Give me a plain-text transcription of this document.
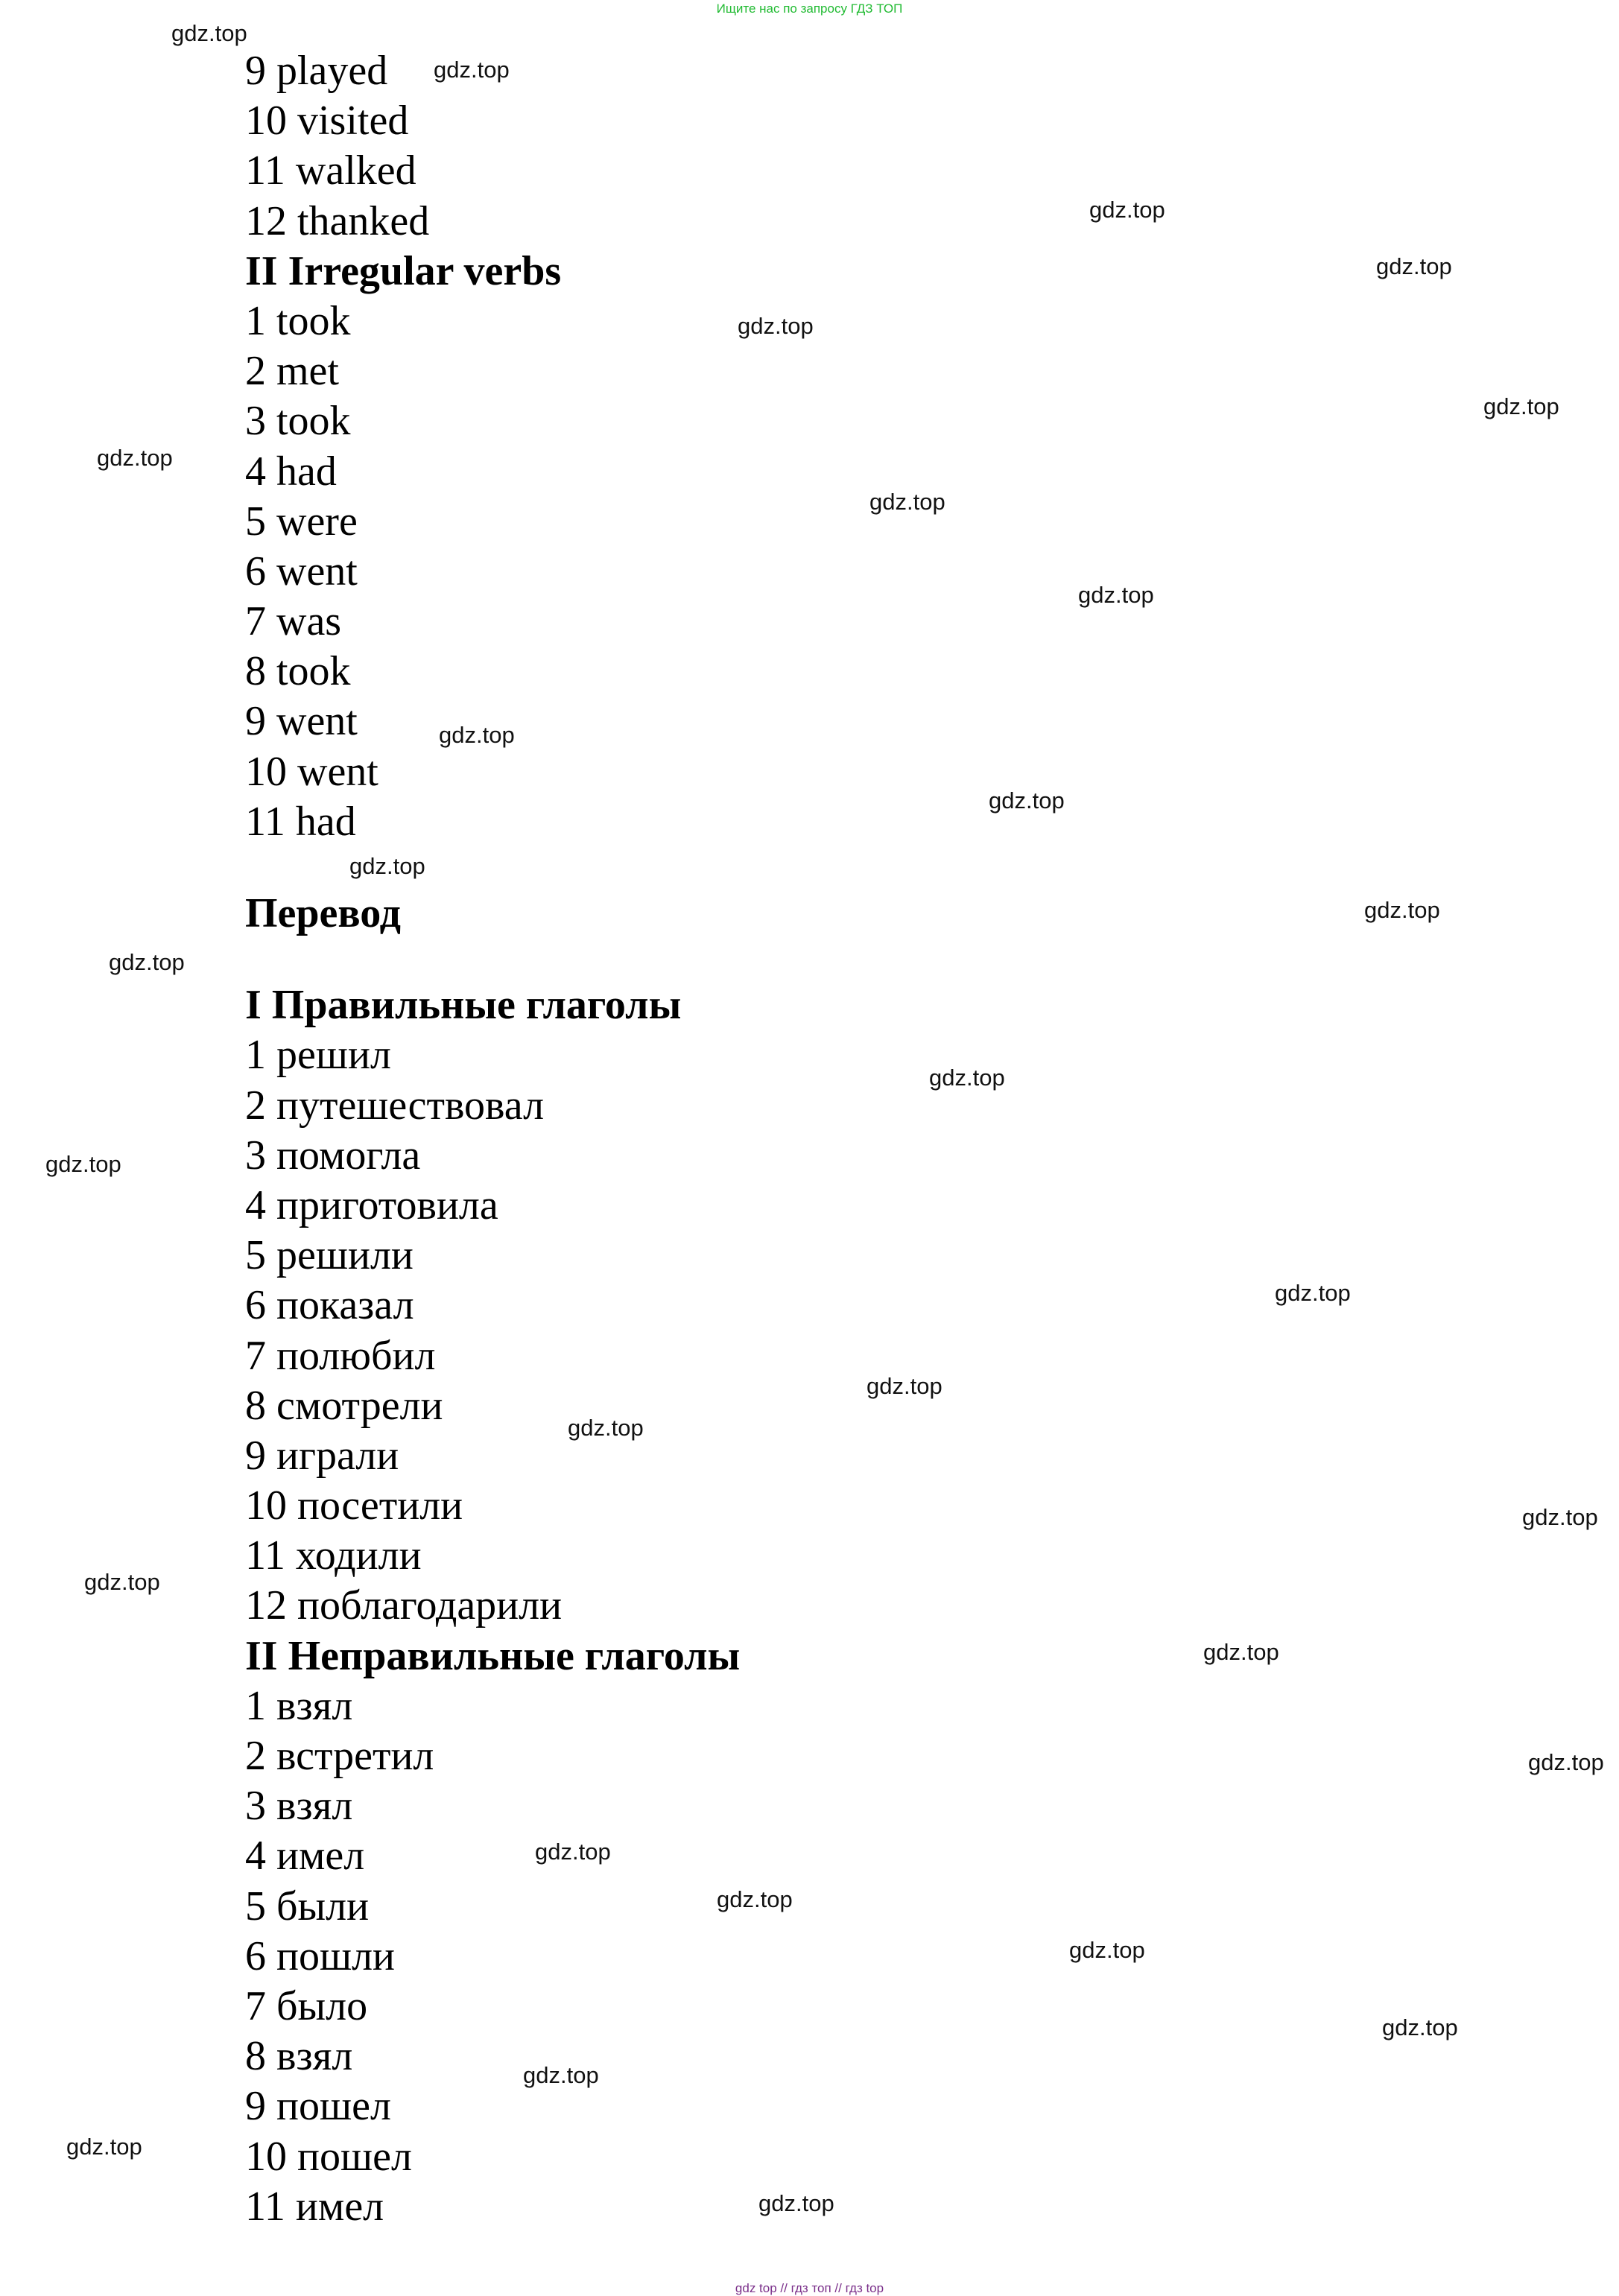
Ищите нас по запросу ГДЗ ТОП
9 played
10 visited
11 walked
12 thanked
II Irregular verbs
1 took
2 met
3 took
4 had
5 were
6 went
7 was
8 took
9 went
10 went
11 had
Перевод
I Правильные глаголы
1 решил
2 путешествовал
3 помогла
4 приготовила
5 решили
6 показал
7 полюбил
8 смотрели
9 играли
10 посетили
11 ходили
12 поблагодарили
II Неправильные глаголы
1 взял
2 встретил
3 взял
4 имел
5 были
6 пошли
7 было
8 взял
9 пошел
10 пошел
11 имел
gdz.top
gdz.top
gdz.top
gdz.top
gdz.top
gdz.top
gdz.top
gdz.top
gdz.top
gdz.top
gdz.top
gdz.top
gdz.top
gdz.top
gdz.top
gdz.top
gdz.top
gdz.top
gdz.top
gdz.top
gdz.top
gdz.top
gdz.top
gdz.top
gdz.top
gdz.top
gdz.top
gdz.top
gdz.top
gdz.top
gdz top // гдз топ // гдз top
